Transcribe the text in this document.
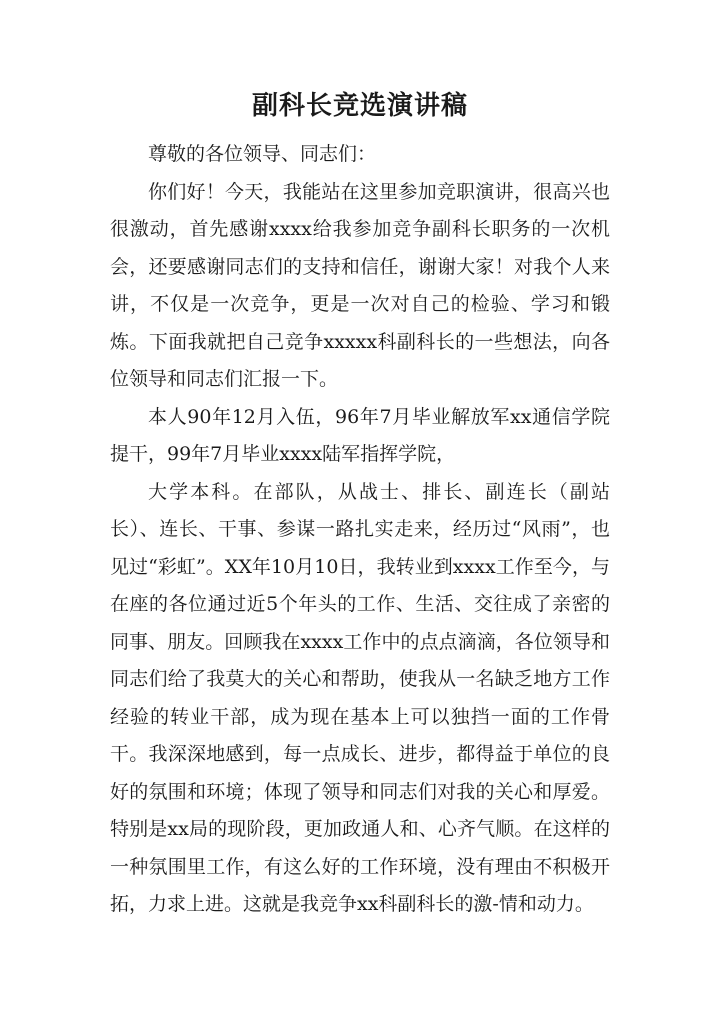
副科长竞选演讲稿

尊敬的各位领导、同志们：

你们好！今天，我能站在这里参加竞职演讲，很高兴也很激动，首先感谢xxxx给我参加竞争副科长职务的一次机会，还要感谢同志们的支持和信任，谢谢大家！对我个人来讲，不仅是一次竞争，更是一次对自己的检验、学习和锻炼。下面我就把自己竞争xxxxx科副科长的一些想法，向各位领导和同志们汇报一下。

本人90年12月入伍，96年7月毕业解放军xx通信学院提干，99年7月毕业xxxx陆军指挥学院，

大学本科。在部队，从战士、排长、副连长（副站长）、连长、干事、参谋一路扎实走来，经历过“风雨”，也见过“彩虹”。XX年10月10日，我转业到xxxx工作至今，与在座的各位通过近5个年头的工作、生活、交往成了亲密的同事、朋友。回顾我在xxxx工作中的点点滴滴，各位领导和同志们给了我莫大的关心和帮助，使我从一名缺乏地方工作经验的转业干部，成为现在基本上可以独挡一面的工作骨干。我深深地感到，每一点成长、进步，都得益于单位的良好的氛围和环境；体现了领导和同志们对我的关心和厚爱。特别是xx局的现阶段，更加政通人和、心齐气顺。在这样的一种氛围里工作，有这么好的工作环境，没有理由不积极开拓，力求上进。这就是我竞争xx科副科长的激-情和动力。
